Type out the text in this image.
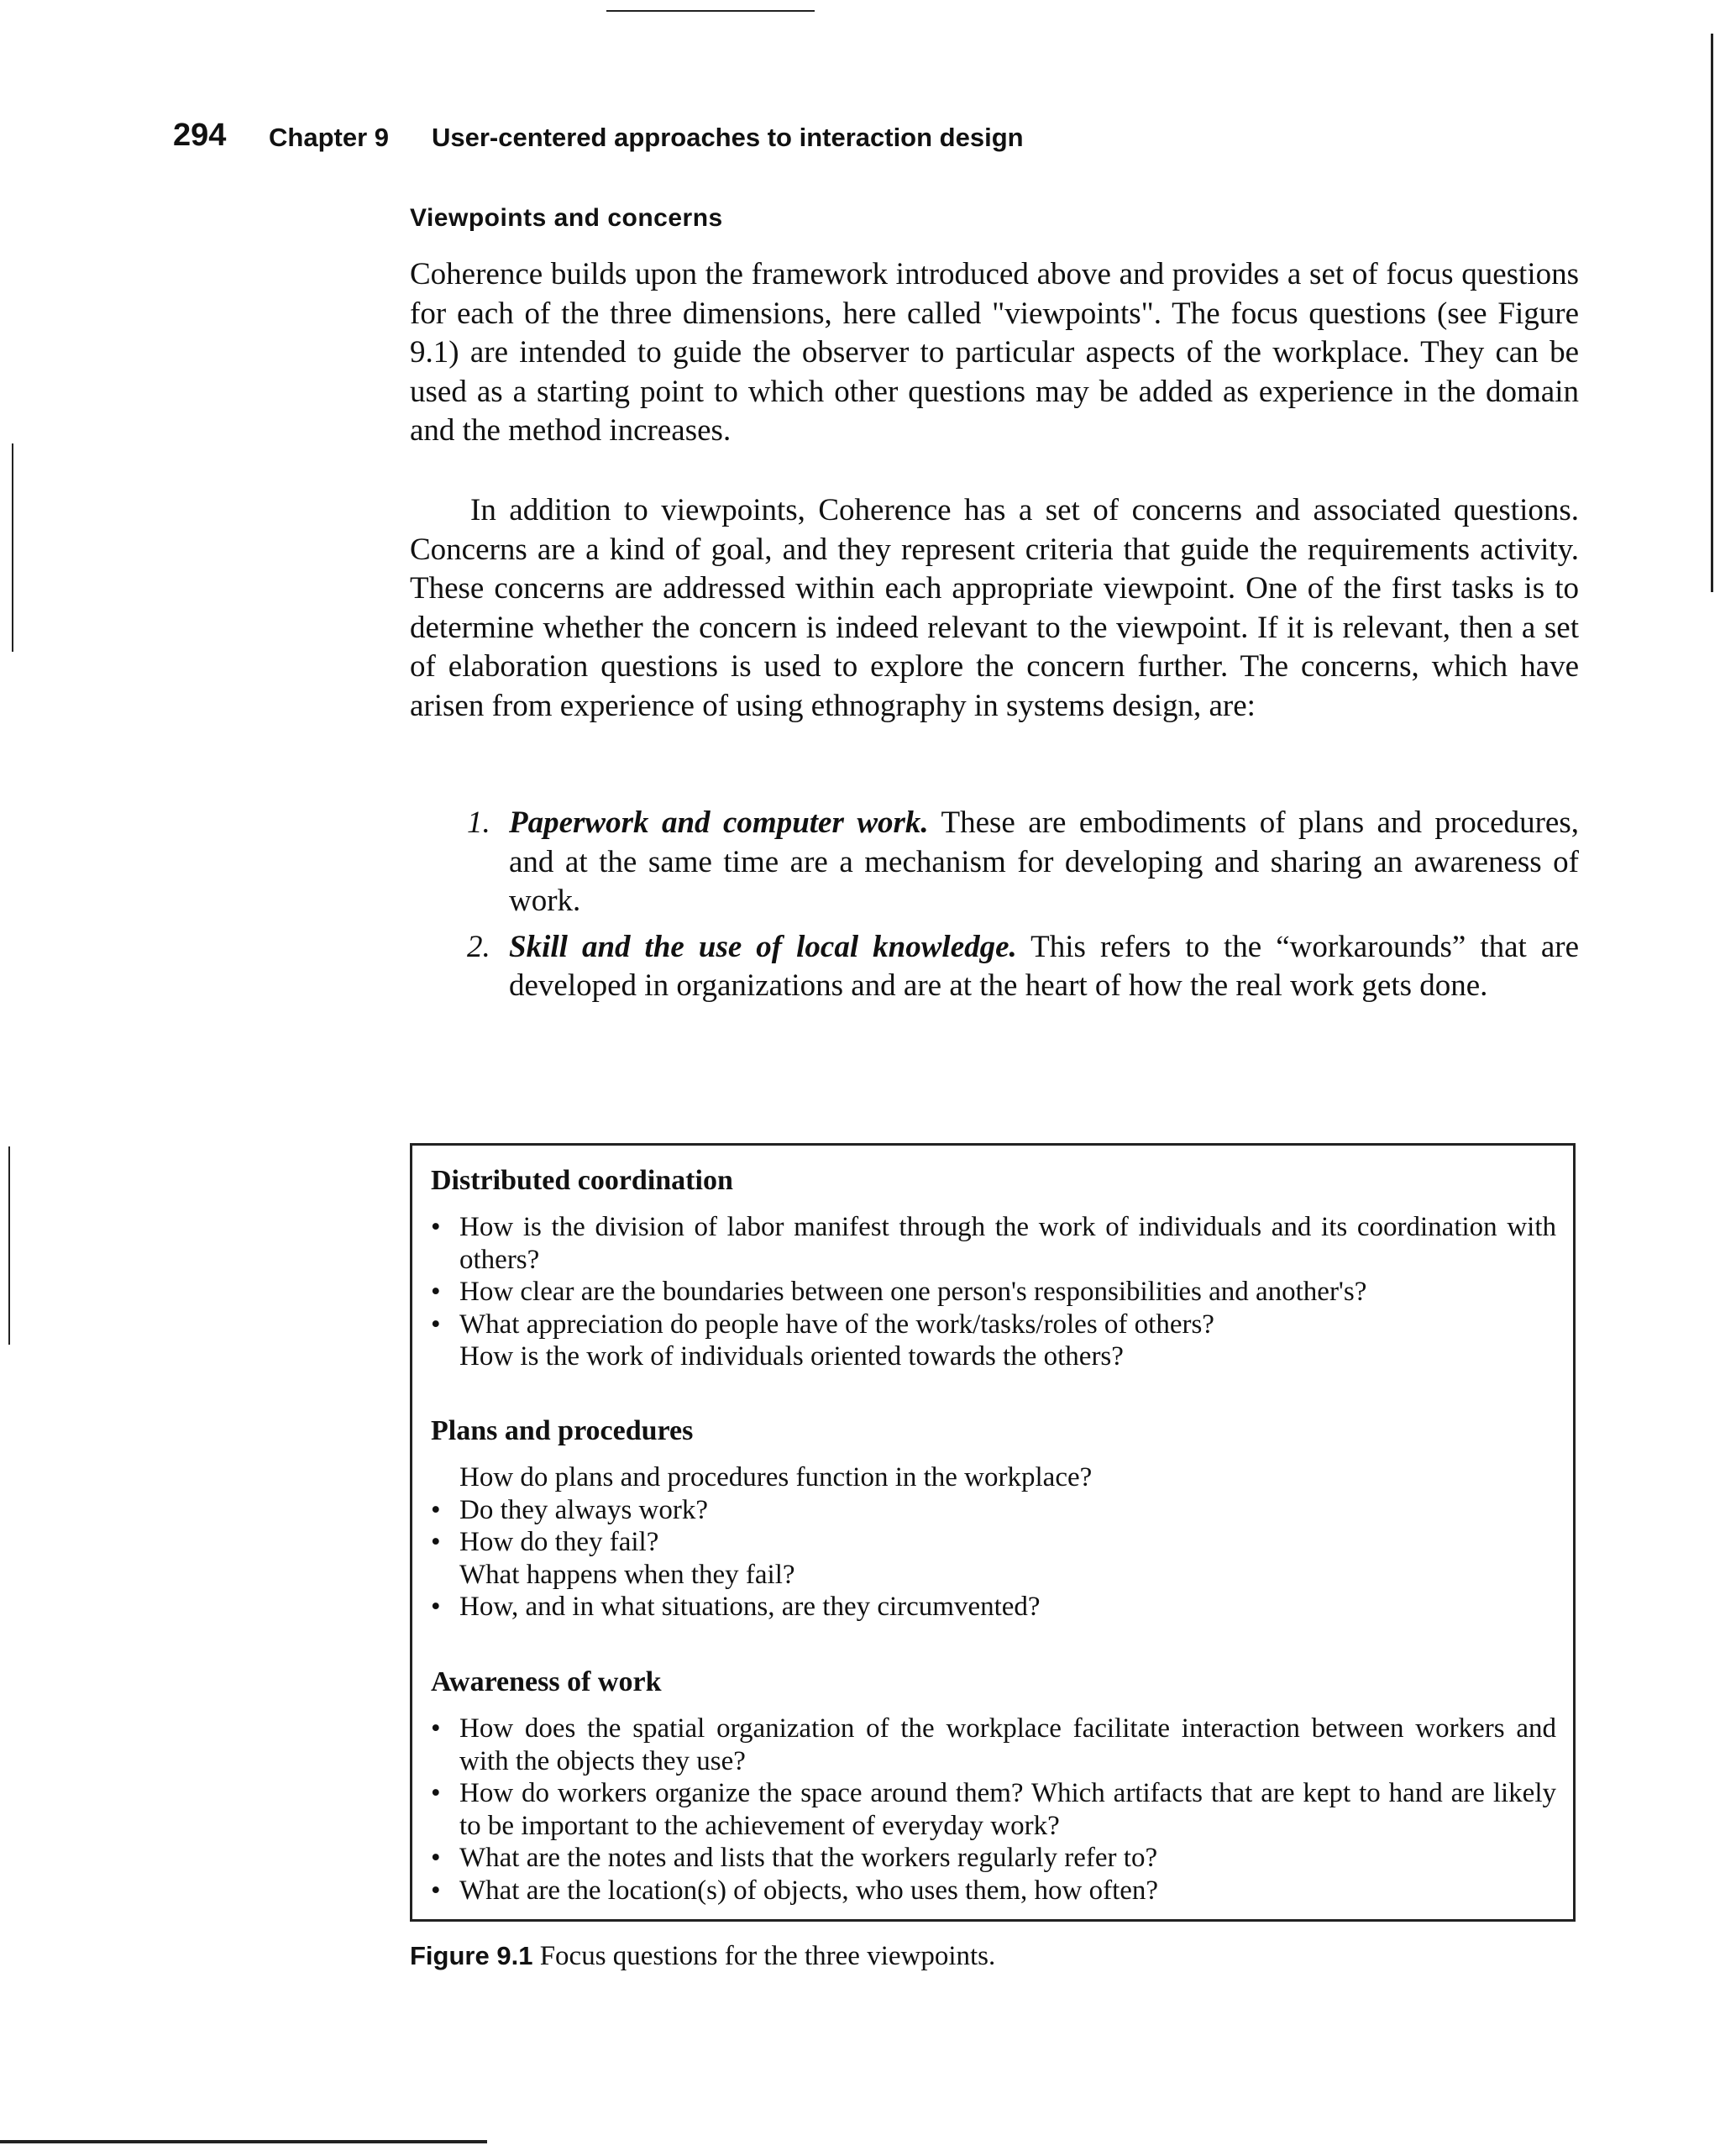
294 Chapter 9 User-centered approaches to interaction design
Viewpoints and concerns

Coherence builds upon the framework introduced above and provides a set of focus questions for each of the three dimensions, here called "viewpoints". The focus questions (see Figure 9.1) are intended to guide the observer to particular aspects of the workplace. They can be used as a starting point to which other questions may be added as experience in the domain and the method increases.

In addition to viewpoints, Coherence has a set of concerns and associated questions. Concerns are a kind of goal, and they represent criteria that guide the requirements activity. These concerns are addressed within each appropriate viewpoint. One of the first tasks is to determine whether the concern is indeed relevant to the viewpoint. If it is relevant, then a set of elaboration questions is used to explore the concern further. The concerns, which have arisen from experience of using ethnography in systems design, are:

1. Paperwork and computer work. These are embodiments of plans and procedures, and at the same time are a mechanism for developing and sharing an awareness of work.
2. Skill and the use of local knowledge. This refers to the “workarounds” that are developed in organizations and are at the heart of how the real work gets done.
Distributed coordination
• How is the division of labor manifest through the work of individuals and its coordination with others?
• How clear are the boundaries between one person's responsibilities and another's?
• What appreciation do people have of the work/tasks/roles of others?
How is the work of individuals oriented towards the others?
Plans and procedures
How do plans and procedures function in the workplace?
• Do they always work?
• How do they fail?
What happens when they fail?
• How, and in what situations, are they circumvented?
Awareness of work
• How does the spatial organization of the workplace facilitate interaction between workers and with the objects they use?
• How do workers organize the space around them? Which artifacts that are kept to hand are likely to be important to the achievement of everyday work?
• What are the notes and lists that the workers regularly refer to?
• What are the location(s) of objects, who uses them, how often?
Figure 9.1 Focus questions for the three viewpoints.
